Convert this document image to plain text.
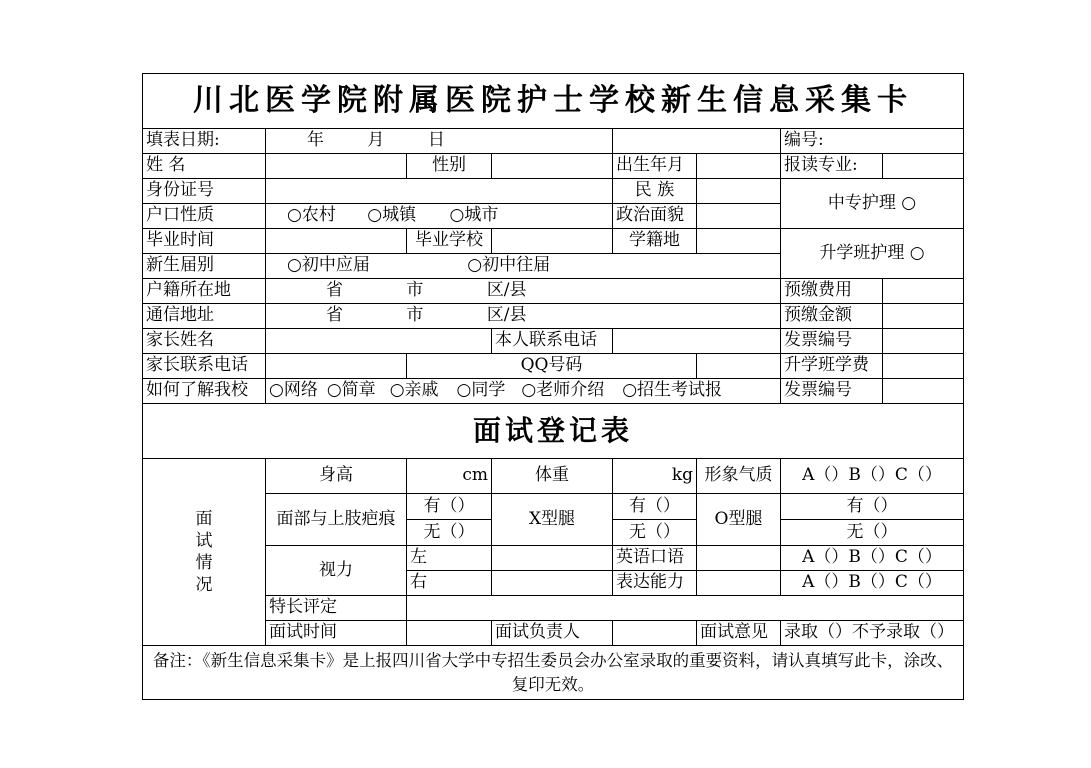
川北医学院附属医院护士学校新生信息采集卡							
填表日期:	年 月 日					编号:	
姓 名		性别		出生年月		报读专业:	
身份证号				民 族		中专护理 ○	
户口性质	○农村 ○城镇 ○城市			政治面貌			
毕业时间		毕业学校		学籍地		升学班护理 ○	
新生届别	○初中应届 ○初中往届						
户籍所在地	省 市 区/县					预缴费用	
通信地址	省 市 区/县					预缴金额	
家长姓名			本人联系电话			发票编号	
家长联系电话		QQ号码				升学班学费	
如何了解我校	○网络 ○简章 ○亲戚 ○同学 ○老师介绍 ○招生考试报					发票编号	
面试登记表							

面
试
情
况	身高	cm	体重	kg	形象气质	A（）B（）C（）	
	面部与上肢疤痕	有（）	X型腿	有（）	O型腿	有（）	
		无（）		无（）		无（）	
	视力	左		英语口语		A（）B（）C（）	
		右		表达能力		A（）B（）C（）	
	特长评定						
	面试时间		面试负责人		面试意见	录取（）不予录取（）	
备注：《新生信息采集卡》是上报四川省大学中专招生委员会办公室录取的重要资料，请认真填写此卡，涂改、复印无效。							
